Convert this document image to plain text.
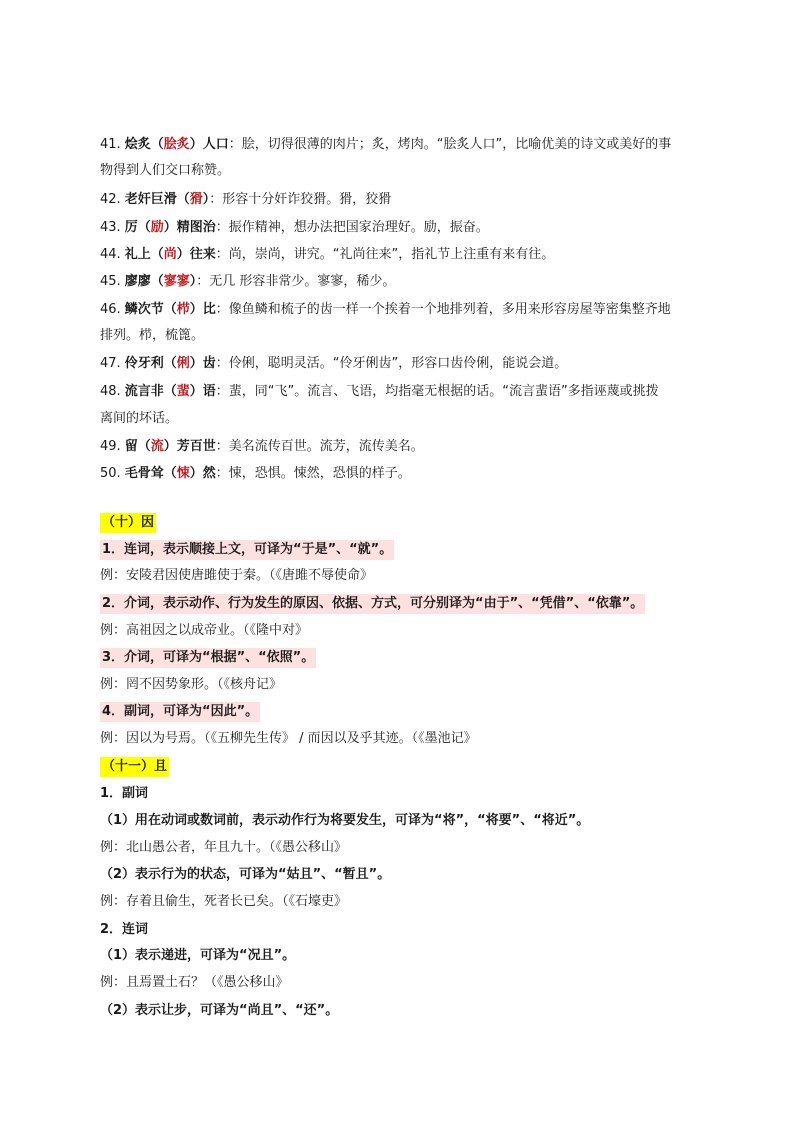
41. 烩炙（脍炙）人口：脍，切得很薄的肉片；炙，烤肉。“脍炙人口”，比喻优美的诗文或美好的事
物得到人们交口称赞。
42. 老奸巨滑（猾）：形容十分奸诈狡猾。猾，狡猾
43. 厉（励）精图治：振作精神，想办法把国家治理好。励，振奋。
44. 礼上（尚）往来：尚，崇尚，讲究。“礼尚往来”，指礼节上注重有来有往。
45. 廖廖（寥寥）：无几 形容非常少。寥寥，稀少。
46. 鳞次节（栉）比：像鱼鳞和梳子的齿一样一个挨着一个地排列着，多用来形容房屋等密集整齐地
排列。栉，梳篦。
47. 伶牙利（俐）齿：伶俐，聪明灵活。“伶牙俐齿”，形容口齿伶俐，能说会道。
48. 流言非（蜚）语：蜚，同“飞”。流言、飞语，均指毫无根据的话。“流言蜚语”多指诬蔑或挑拨
离间的坏话。
49. 留（流）芳百世：美名流传百世。流芳，流传美名。
50. 毛骨耸（悚）然：悚，恐惧。悚然，恐惧的样子。
（十）因
1．连词，表示顺接上文，可译为“于是”、“就”。
例：安陵君因使唐雎使于秦。（《唐雎不辱使命》
2．介词，表示动作、行为发生的原因、依据、方式，可分别译为“由于”、“凭借”、“依靠”。
例：高祖因之以成帝业。（《隆中对》
3．介词，可译为“根据”、“依照”。
例：罔不因势象形。（《核舟记》
4．副词，可译为“因此”。
例：因以为号焉。（《五柳先生传》 / 而因以及乎其迹。（《墨池记》
（十一）且
1．副词
（1）用在动词或数词前，表示动作行为将要发生，可译为“将”，“将要”、“将近”。
例：北山愚公者，年且九十。（《愚公移山》
（2）表示行为的状态，可译为“姑且”、“暂且”。
例：存着且偷生，死者长已矣。（《石壕吏》
2．连词
（1）表示递进，可译为“况且”。
例：且焉置土石？（《愚公移山》
（2）表示让步，可译为“尚且”、“还”。
